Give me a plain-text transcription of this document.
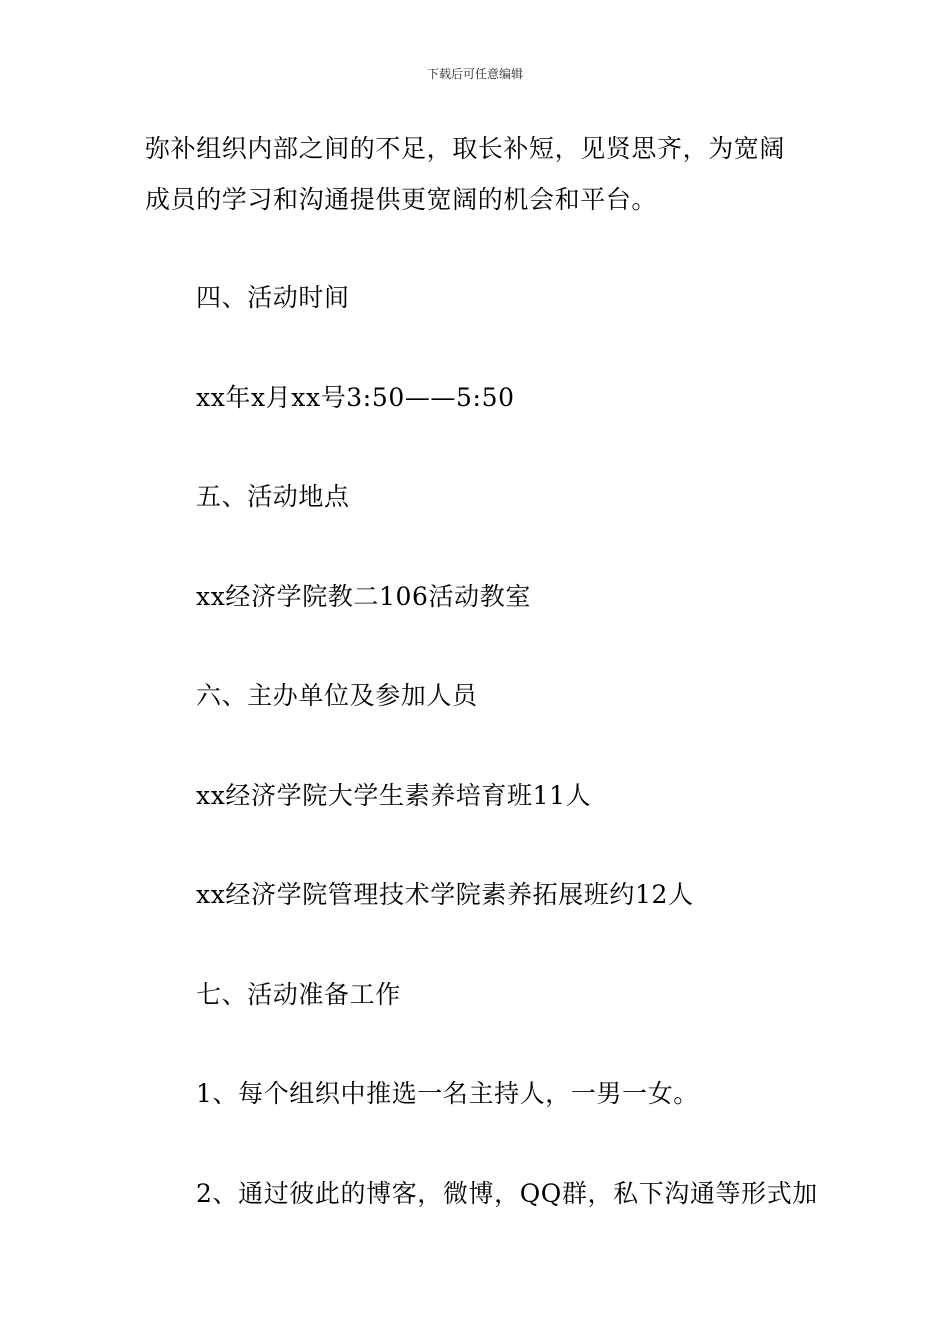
下载后可任意编辑
弥补组织内部之间的不足，取长补短，见贤思齐，为宽阔
成员的学习和沟通提供更宽阔的机会和平台。
四、活动时间
xx年x月xx号3:50——5:50
五、活动地点
xx经济学院教二106活动教室
六、主办单位及参加人员
xx经济学院大学生素养培育班11人
xx经济学院管理技术学院素养拓展班约12人
七、活动准备工作
1、每个组织中推选一名主持人，一男一女。
2、通过彼此的博客，微博，QQ群，私下沟通等形式加
